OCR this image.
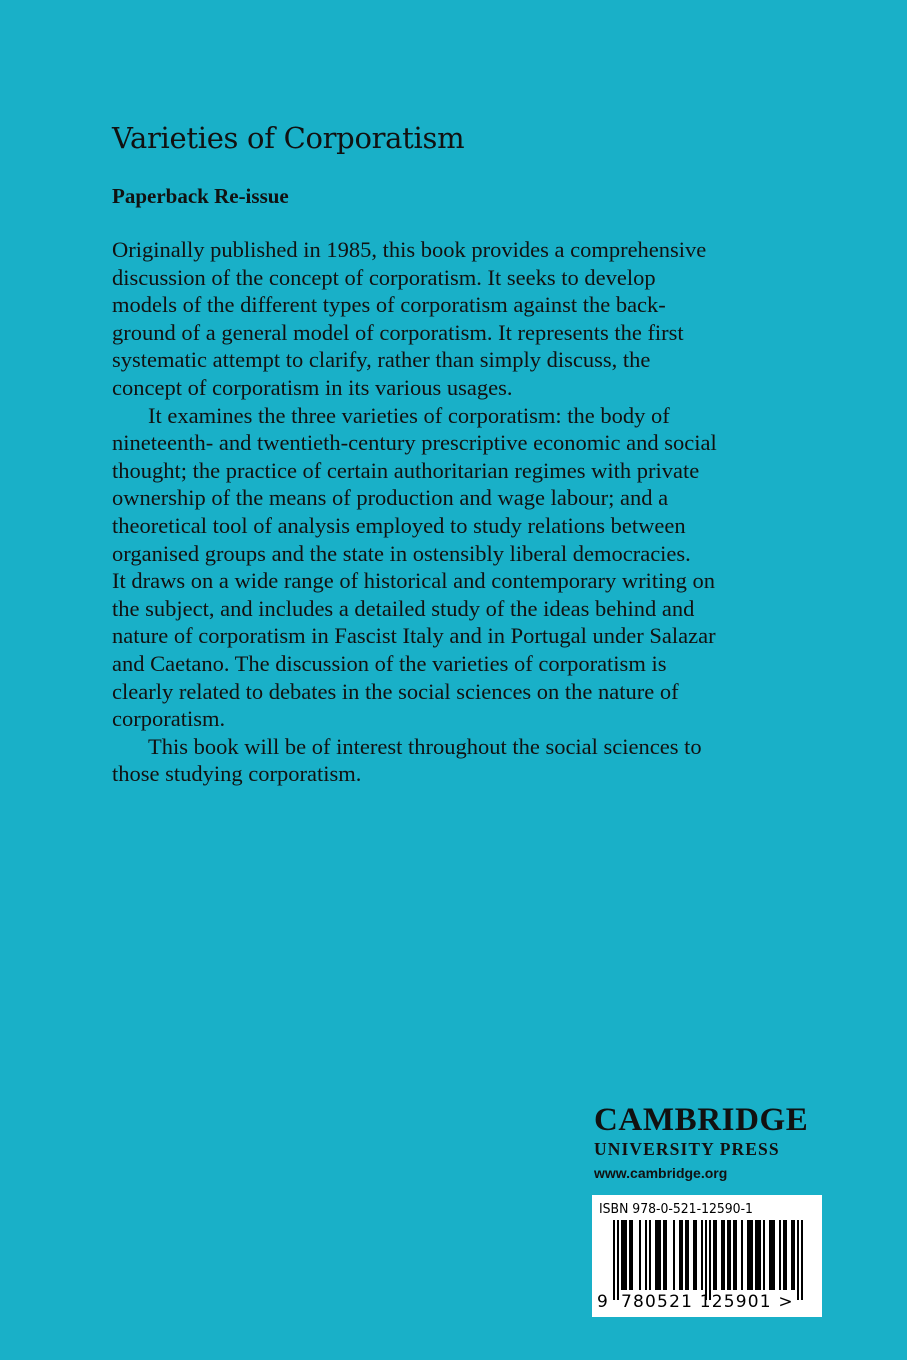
Varieties of Corporatism
Paperback Re-issue
Originally published in 1985, this book provides a comprehensive
discussion of the concept of corporatism. It seeks to develop
models of the different types of corporatism against the back-
ground of a general model of corporatism. It represents the first
systematic attempt to clarify, rather than simply discuss, the
concept of corporatism in its various usages.
It examines the three varieties of corporatism: the body of
nineteenth- and twentieth-century prescriptive economic and social
thought; the practice of certain authoritarian regimes with private
ownership of the means of production and wage labour; and a
theoretical tool of analysis employed to study relations between
organised groups and the state in ostensibly liberal democracies.
It draws on a wide range of historical and contemporary writing on
the subject, and includes a detailed study of the ideas behind and
nature of corporatism in Fascist Italy and in Portugal under Salazar
and Caetano. The discussion of the varieties of corporatism is
clearly related to debates in the social sciences on the nature of
corporatism.
This book will be of interest throughout the social sciences to
those studying corporatism.
CAMBRIDGE
UNIVERSITY PRESS
www.cambridge.org
ISBN 978-0-521-12590-1
9 780521 125901 >
